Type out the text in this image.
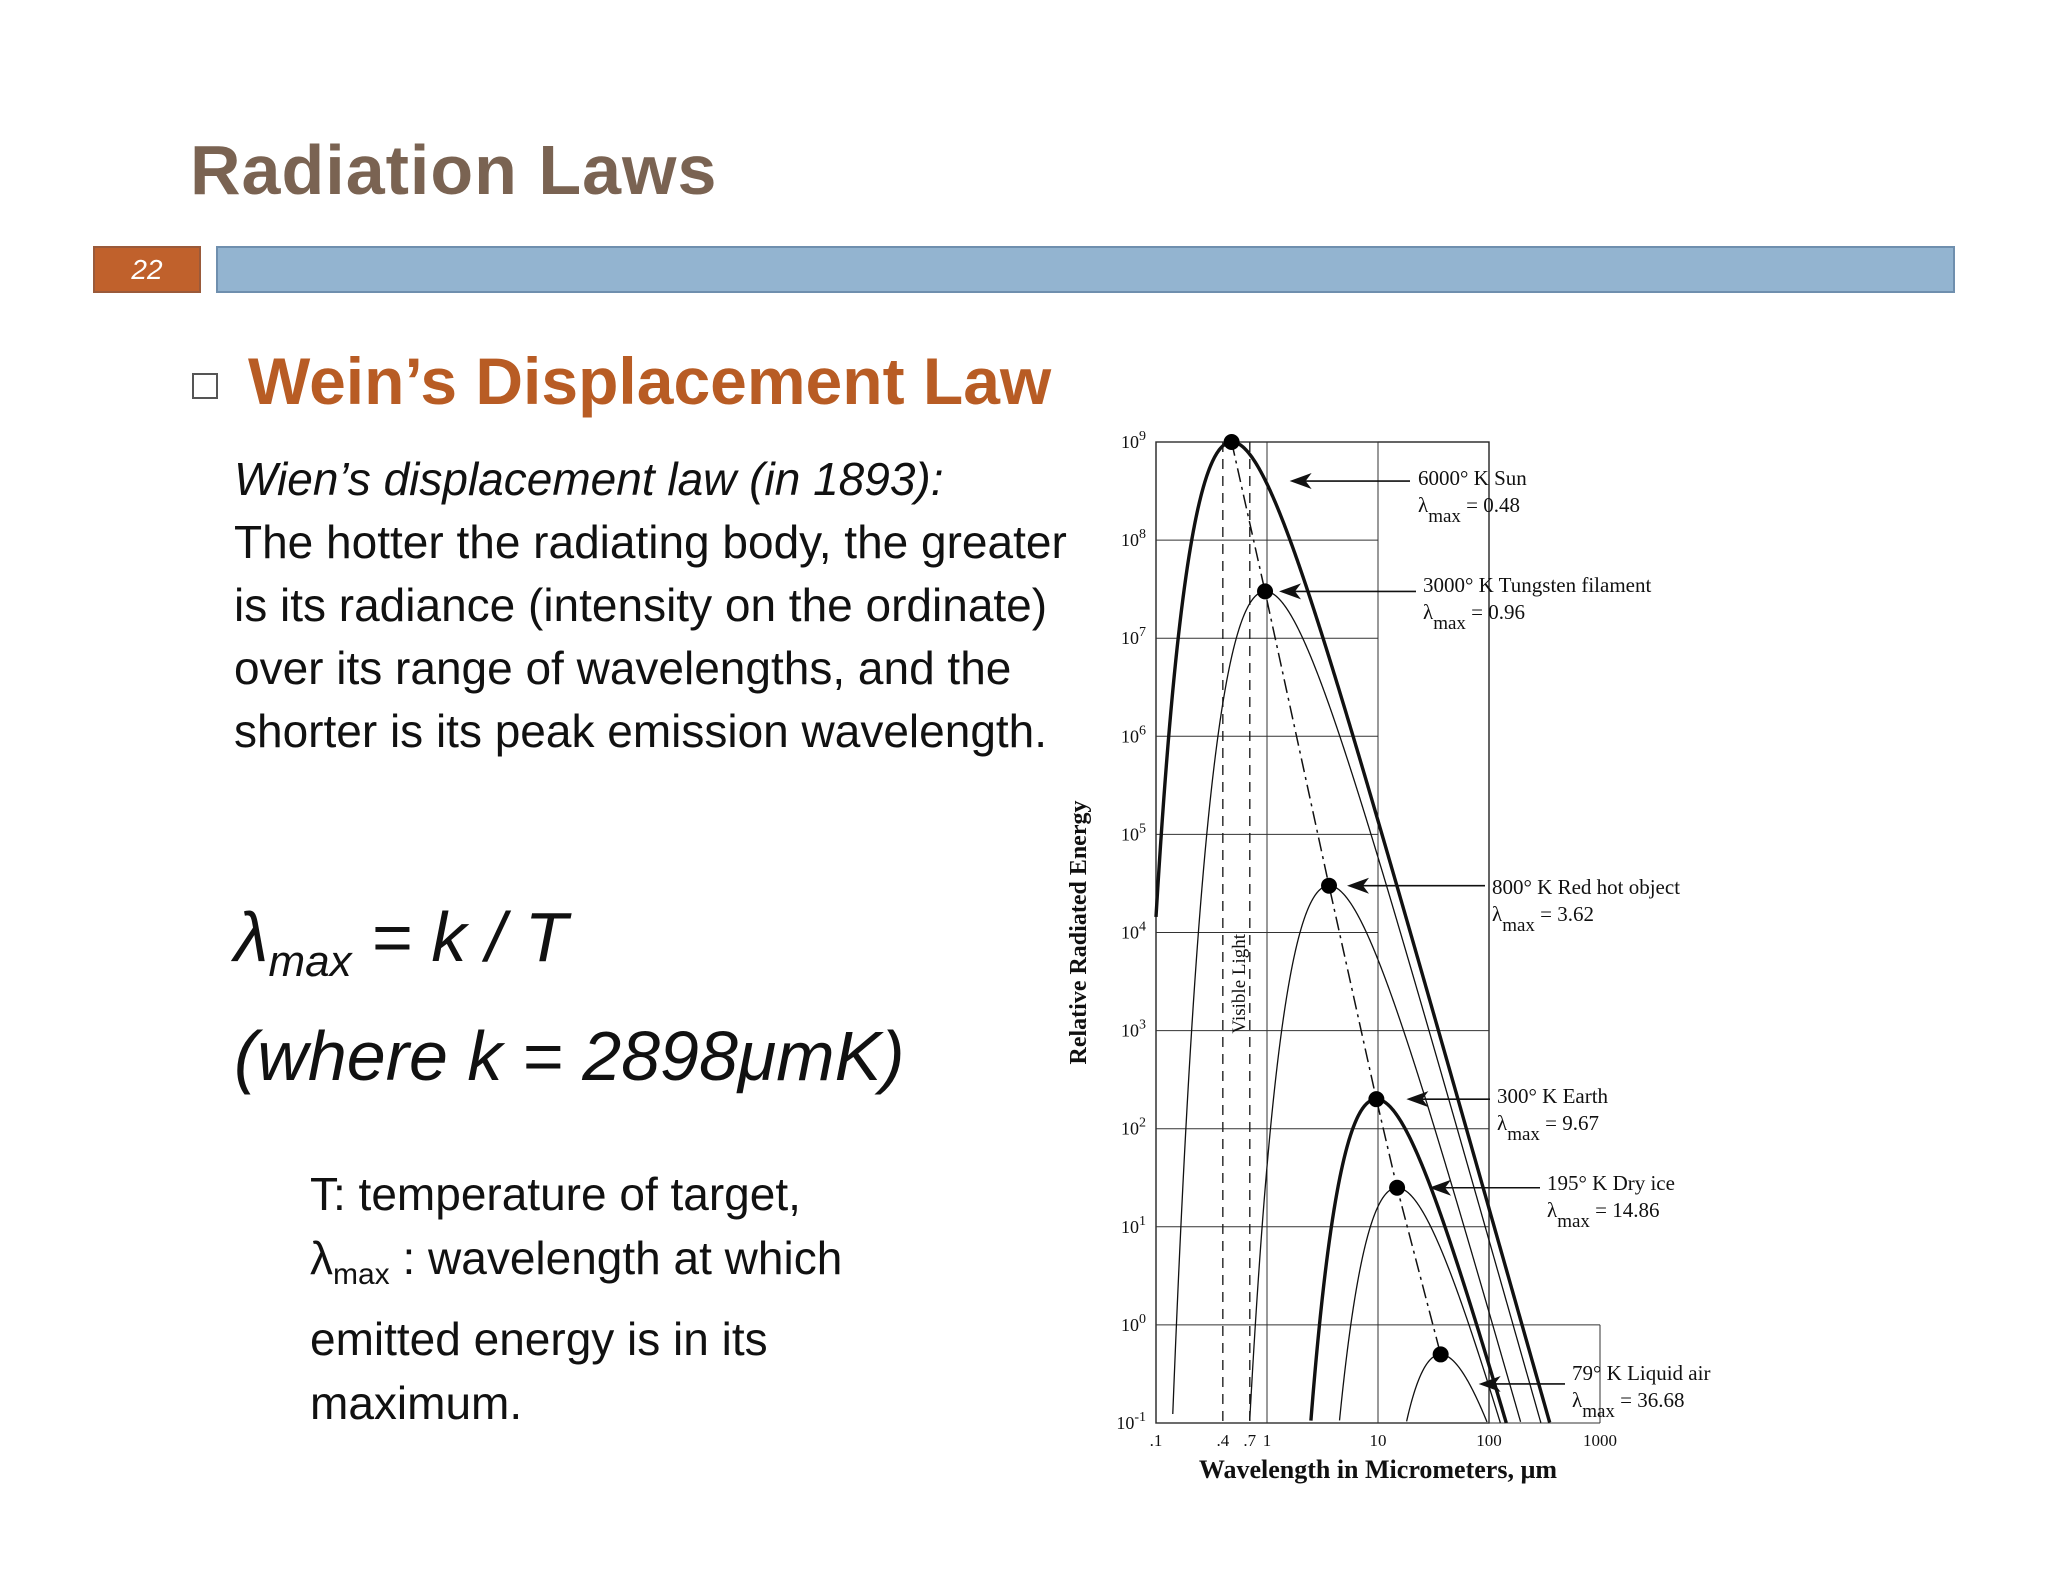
Radiation Laws
22
Wein’s Displacement Law
Wien’s displacement law (in 1893):
The hotter the radiating body, the greater is its radiance (intensity on the ordinate) over its range of wavelengths, and the shorter is its peak emission wavelength.
$\lambda_{max} = k / T$
(where k = 2898μmK)
T: temperature of target,
$\lambda_{max}$ : wavelength at which emitted energy is in its maximum.
Visible Light
6000° K Sun
λmax = 0.48
3000° K Tungsten filament
λmax = 0.96
800° K Red hot object
λmax = 3.62
300° K Earth
λmax = 9.67
195° K Dry ice
λmax = 14.86
79° K Liquid air
λmax = 36.68
$10^9$
$10^8$
$10^7$
$10^6$
$10^5$
$10^4$
$10^3$
$10^2$
$10^1$
$10^0$
$10^{-1}$
.1	.4 .7 1	10	100	1000
Wavelength in Micrometers, µm
Relative Radiated Energy
